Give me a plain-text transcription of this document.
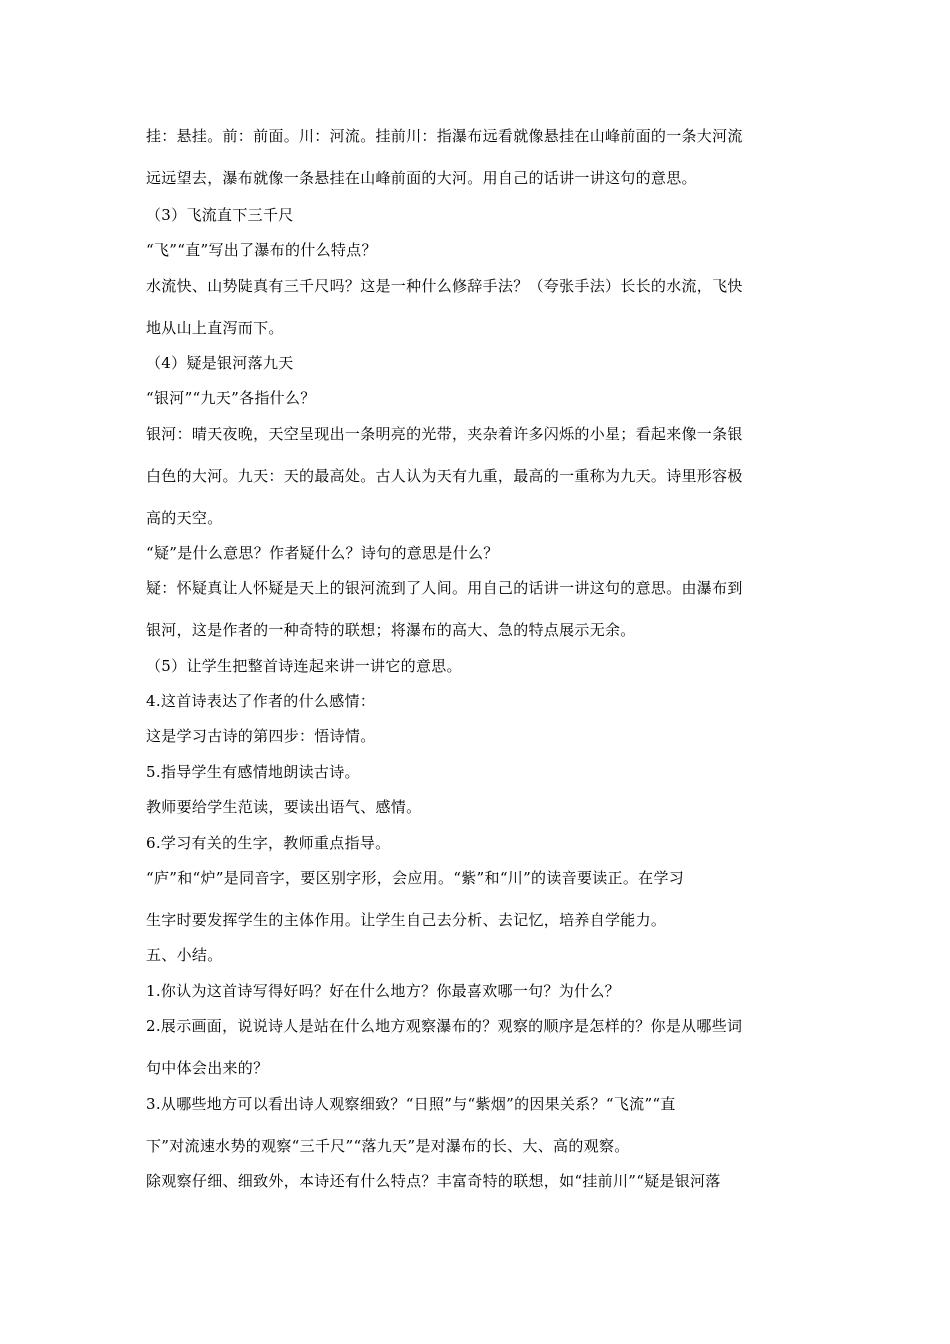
挂：悬挂。前：前面。川：河流。挂前川：指瀑布远看就像悬挂在山峰前面的一条大河流
远远望去，瀑布就像一条悬挂在山峰前面的大河。用自己的话讲一讲这句的意思。
（3）飞流直下三千尺
“飞”“直”写出了瀑布的什么特点？
水流快、山势陡真有三千尺吗？这是一种什么修辞手法？（夸张手法）长长的水流，飞快
地从山上直泻而下。
（4）疑是银河落九天
“银河”“九天”各指什么？
银河：晴天夜晚，天空呈现出一条明亮的光带，夹杂着许多闪烁的小星；看起来像一条银
白色的大河。九天：天的最高处。古人认为天有九重，最高的一重称为九天。诗里形容极
高的天空。
“疑”是什么意思？作者疑什么？诗句的意思是什么？
疑：怀疑真让人怀疑是天上的银河流到了人间。用自己的话讲一讲这句的意思。由瀑布到
银河，这是作者的一种奇特的联想；将瀑布的高大、急的特点展示无余。
（5）让学生把整首诗连起来讲一讲它的意思。
4.这首诗表达了作者的什么感情：
这是学习古诗的第四步：悟诗情。
5.指导学生有感情地朗读古诗。
教师要给学生范读，要读出语气、感情。
6.学习有关的生字，教师重点指导。
“庐”和“炉”是同音字，要区别字形，会应用。“紫”和“川”的读音要读正。在学习
生字时要发挥学生的主体作用。让学生自己去分析、去记忆，培养自学能力。
五、小结。
1.你认为这首诗写得好吗？好在什么地方？你最喜欢哪一句？为什么？
2.展示画面，说说诗人是站在什么地方观察瀑布的？观察的顺序是怎样的？你是从哪些词
句中体会出来的？
3.从哪些地方可以看出诗人观察细致？“日照”与“紫烟”的因果关系？“飞流”“直
下”对流速水势的观察“三千尺”“落九天”是对瀑布的长、大、高的观察。
除观察仔细、细致外，本诗还有什么特点？丰富奇特的联想，如“挂前川”“疑是银河落
